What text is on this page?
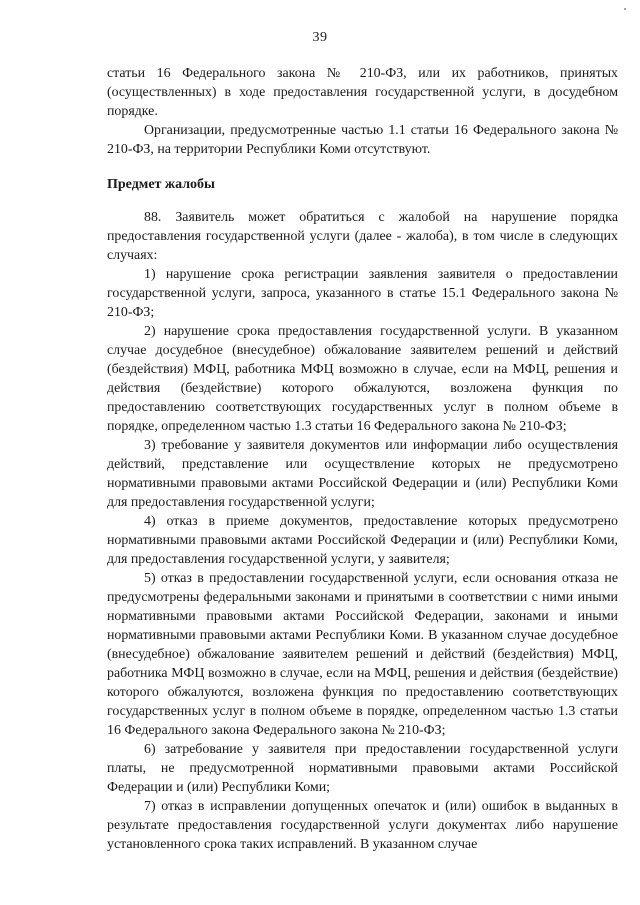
39

статьи 16 Федерального закона № 210-ФЗ, или их работников, принятых (осуществленных) в ходе предоставления государственной услуги, в досудебном порядке.

Организации, предусмотренные частью 1.1 статьи 16 Федерального закона № 210-ФЗ, на территории Республики Коми отсутствуют.

Предмет жалобы

88. Заявитель может обратиться с жалобой на нарушение порядка предоставления государственной услуги (далее - жалоба), в том числе в следующих случаях:

1) нарушение срока регистрации заявления заявителя о предоставлении государственной услуги, запроса, указанного в статье 15.1 Федерального закона № 210-ФЗ;

2) нарушение срока предоставления государственной услуги. В указанном случае досудебное (внесудебное) обжалование заявителем решений и действий (бездействия) МФЦ, работника МФЦ возможно в случае, если на МФЦ, решения и действия (бездействие) которого обжалуются, возложена функция по предоставлению соответствующих государственных услуг в полном объеме в порядке, определенном частью 1.3 статьи 16 Федерального закона № 210-ФЗ;

3) требование у заявителя документов или информации либо осуществления действий, представление или осуществление которых не предусмотрено нормативными правовыми актами Российской Федерации и (или) Республики Коми для предоставления государственной услуги;

4) отказ в приеме документов, предоставление которых предусмотрено нормативными правовыми актами Российской Федерации и (или) Республики Коми, для предоставления государственной услуги, у заявителя;

5) отказ в предоставлении государственной услуги, если основания отказа не предусмотрены федеральными законами и принятыми в соответствии с ними иными нормативными правовыми актами Российской Федерации, законами и иными нормативными правовыми актами Республики Коми. В указанном случае досудебное (внесудебное) обжалование заявителем решений и действий (бездействия) МФЦ, работника МФЦ возможно в случае, если на МФЦ, решения и действия (бездействие) которого обжалуются, возложена функция по предоставлению соответствующих государственных услуг в полном объеме в порядке, определенном частью 1.3 статьи 16 Федерального закона Федерального закона № 210-ФЗ;

6) затребование у заявителя при предоставлении государственной услуги платы, не предусмотренной нормативными правовыми актами Российской Федерации и (или) Республики Коми;

7) отказ в исправлении допущенных опечаток и (или) ошибок в выданных в результате предоставления государственной услуги документах либо нарушение установленного срока таких исправлений. В указанном случае
